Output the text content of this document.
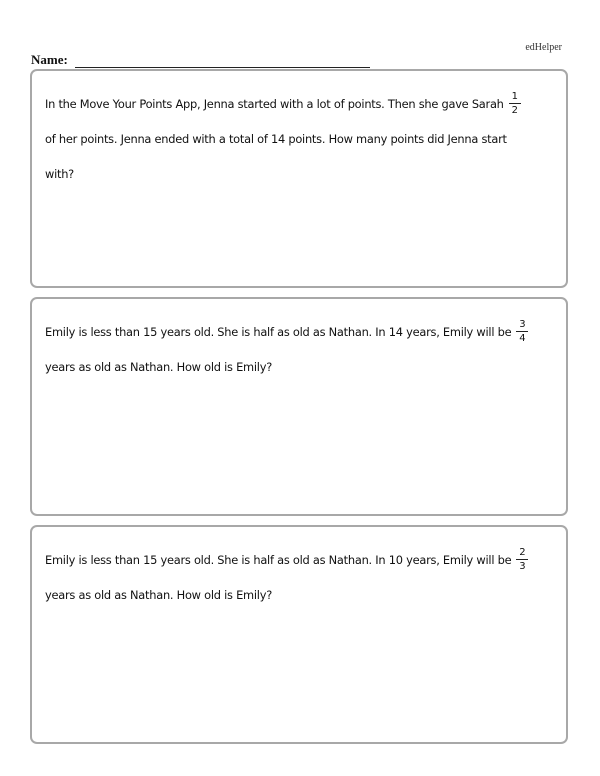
edHelper
Name:
In the Move Your Points App, Jenna started with a lot of points. Then she gave Sarah $\frac{1}{2}$
of her points. Jenna ended with a total of 14 points. How many points did Jenna start
with?
Emily is less than 15 years old. She is half as old as Nathan. In 14 years, Emily will be $\frac{3}{4}$
years as old as Nathan. How old is Emily?
Emily is less than 15 years old. She is half as old as Nathan. In 10 years, Emily will be $\frac{2}{3}$
years as old as Nathan. How old is Emily?
